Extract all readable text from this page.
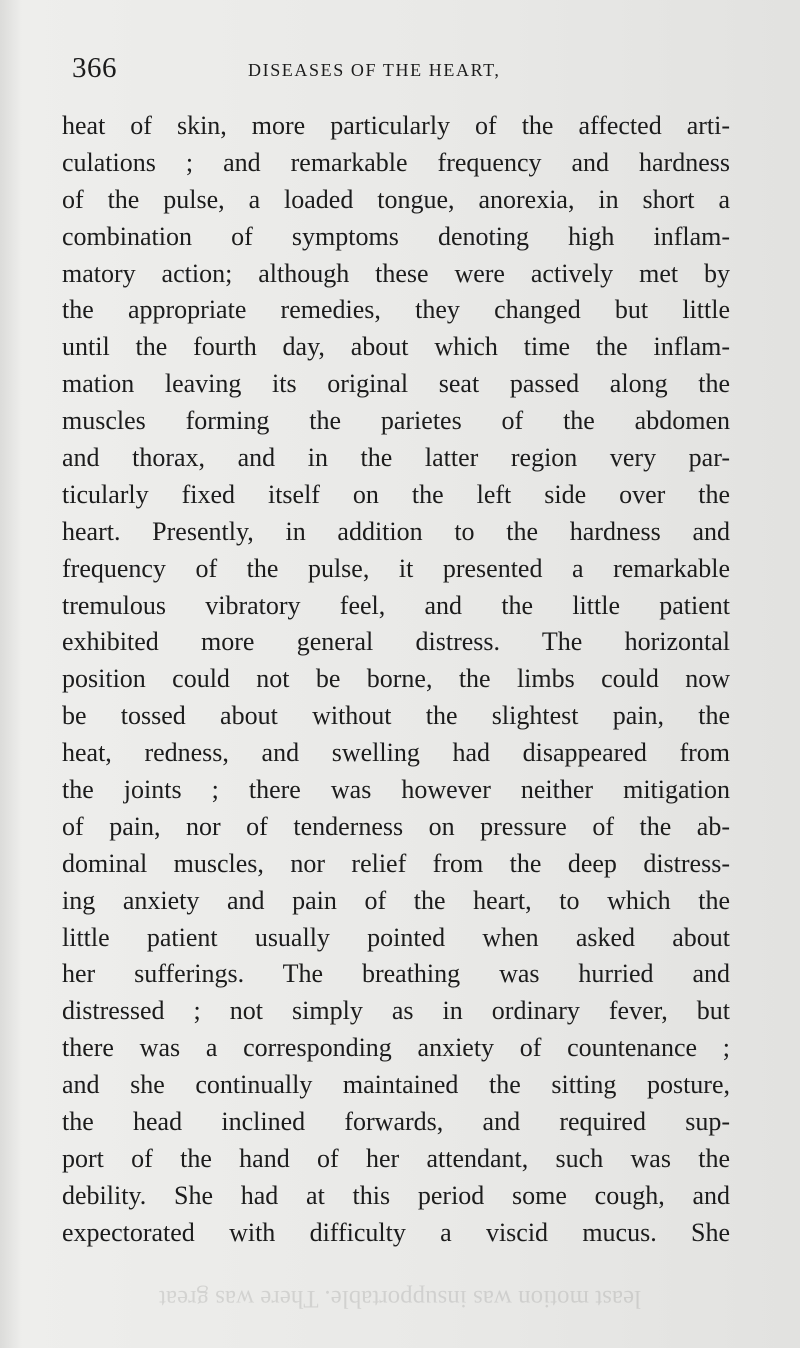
366	DISEASES OF THE HEART,
heat of skin, more particularly of the affected arti-
culations ; and remarkable frequency and hardness
of the pulse, a loaded tongue, anorexia, in short a
combination of symptoms denoting high inflam-
matory action; although these were actively met by
the appropriate remedies, they changed but little
until the fourth day, about which time the inflam-
mation leaving its original seat passed along the
muscles forming the parietes of the abdomen
and thorax, and in the latter region very par-
ticularly fixed itself on the left side over the
heart. Presently, in addition to the hardness and
frequency of the pulse, it presented a remarkable
tremulous vibratory feel, and the little patient
exhibited more general distress. The horizontal
position could not be borne, the limbs could now
be tossed about without the slightest pain, the
heat, redness, and swelling had disappeared from
the joints ; there was however neither mitigation
of pain, nor of tenderness on pressure of the ab-
dominal muscles, nor relief from the deep distress-
ing anxiety and pain of the heart, to which the
little patient usually pointed when asked about
her sufferings. The breathing was hurried and
distressed ; not simply as in ordinary fever, but
there was a corresponding anxiety of countenance ;
and she continually maintained the sitting posture,
the head inclined forwards, and required sup-
port of the hand of her attendant, such was the
debility. She had at this period some cough, and
expectorated with difficulty a viscid mucus. She
least motion was insupportable. There was great
